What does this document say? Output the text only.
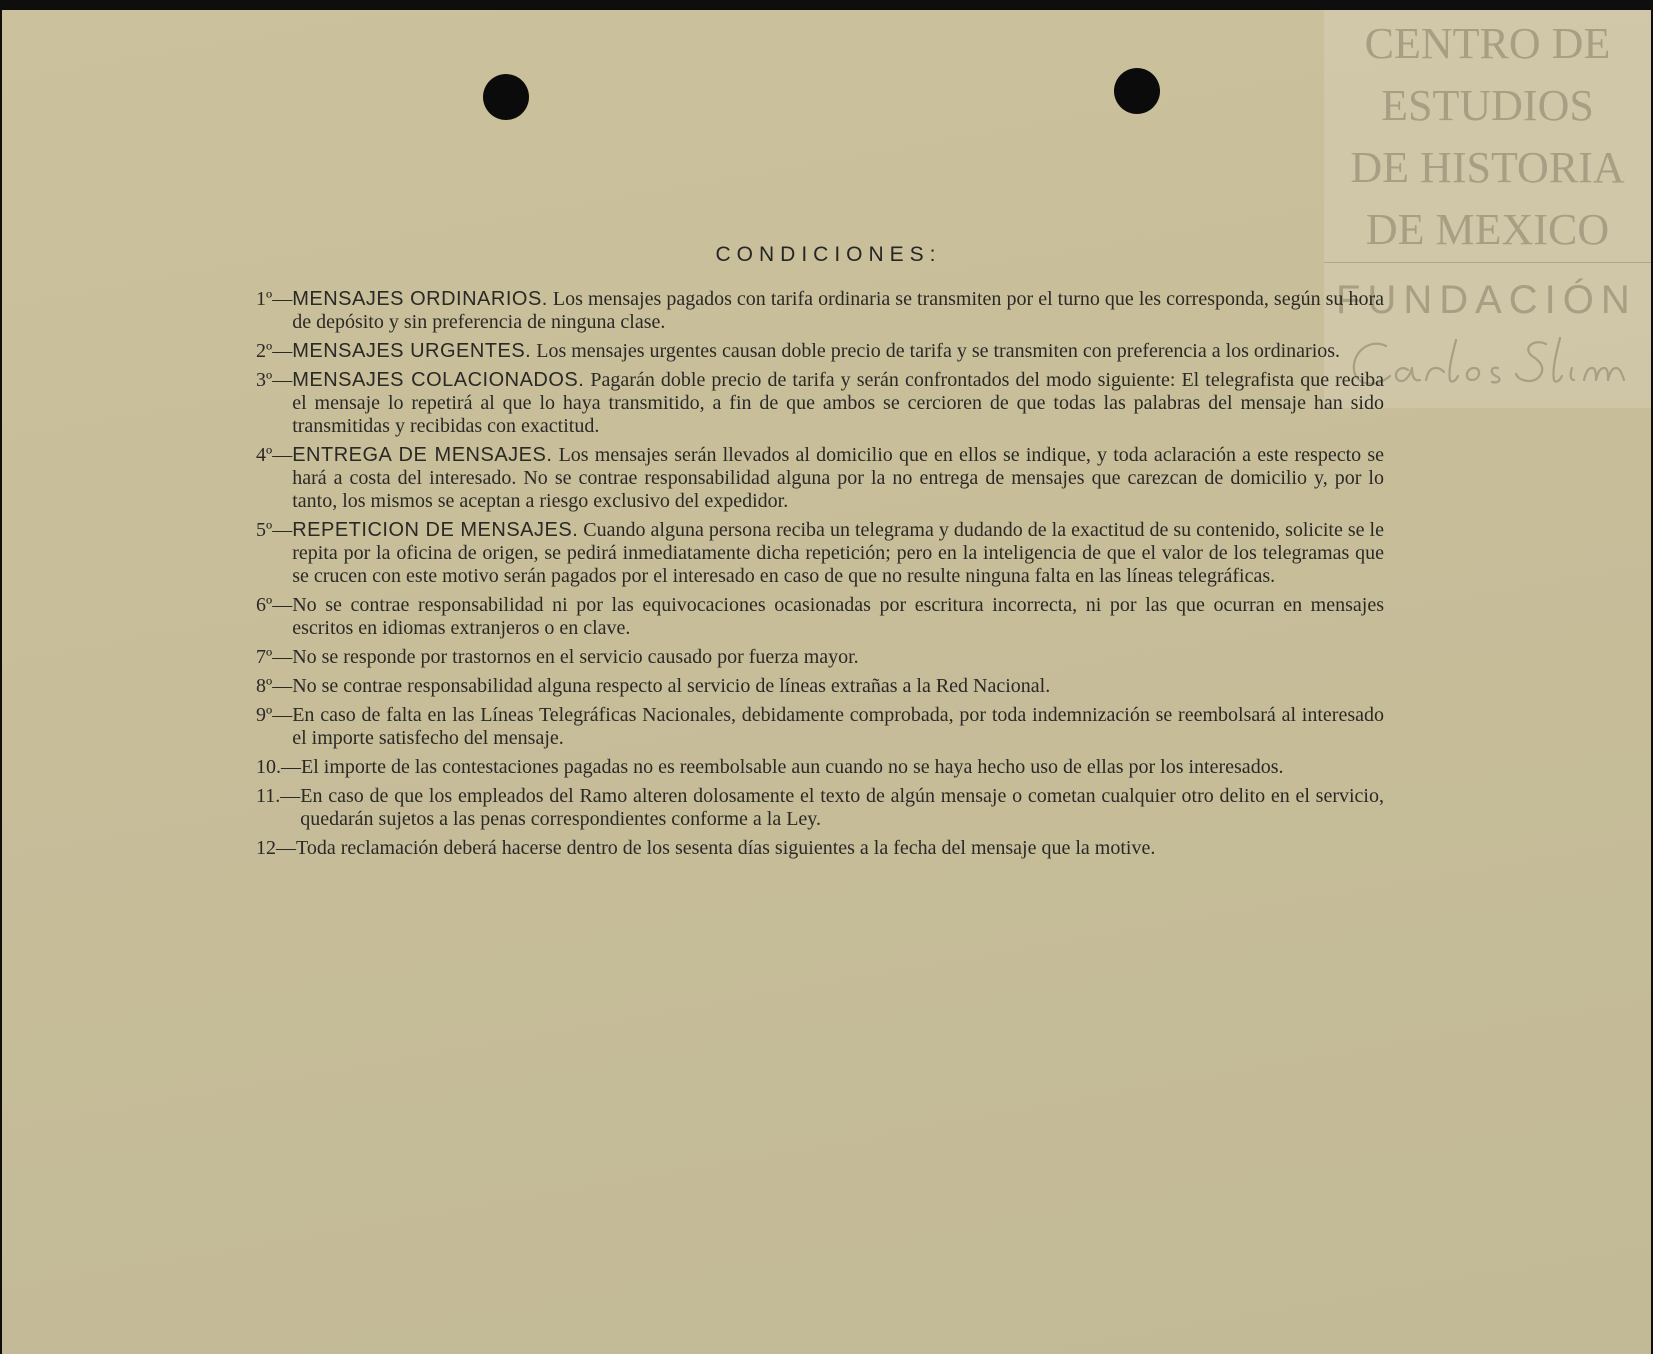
CENTRO DE
ESTUDIOS
DE HISTORIA
DE MEXICO
FUNDACIÓN
CONDICIONES:
1º— MENSAJES ORDINARIOS. Los mensajes pagados con tarifa ordinaria se transmiten por el turno que les corresponda, según su hora de depósito y sin preferencia de ninguna clase.
2º— MENSAJES URGENTES. Los mensajes urgentes causan doble precio de tarifa y se transmiten con preferencia a los ordinarios.
3º— MENSAJES COLACIONADOS. Pagarán doble precio de tarifa y serán confrontados del modo siguiente: El telegrafista que reciba el mensaje lo repetirá al que lo haya transmitido, a fin de que ambos se cercioren de que todas las palabras del mensaje han sido transmitidas y recibidas con exactitud.
4º— ENTREGA DE MENSAJES. Los mensajes serán llevados al domicilio que en ellos se indique, y toda aclaración a este respecto se hará a costa del interesado. No se contrae responsabilidad alguna por la no entrega de mensajes que carezcan de domicilio y, por lo tanto, los mismos se aceptan a riesgo exclusivo del expedidor.
5º— REPETICION DE MENSAJES. Cuando alguna persona reciba un telegrama y dudando de la exactitud de su contenido, solicite se le repita por la oficina de origen, se pedirá inmediatamente dicha repetición; pero en la inteligencia de que el valor de los telegramas que se crucen con este motivo serán pagados por el interesado en caso de que no resulte ninguna falta en las líneas telegráficas.
6º— No se contrae responsabilidad ni por las equivocaciones ocasionadas por escritura incorrecta, ni por las que ocurran en mensajes escritos en idiomas extranjeros o en clave.
7º— No se responde por trastornos en el servicio causado por fuerza mayor.
8º— No se contrae responsabilidad alguna respecto al servicio de líneas extrañas a la Red Nacional.
9º— En caso de falta en las Líneas Telegráficas Nacionales, debidamente comprobada, por toda indemnización se reembolsará al interesado el importe satisfecho del mensaje.
10.— El importe de las contestaciones pagadas no es reembolsable aun cuando no se haya hecho uso de ellas por los interesados.
11.— En caso de que los empleados del Ramo alteren dolosamente el texto de algún mensaje o cometan cualquier otro delito en el servicio, quedarán sujetos a las penas correspondientes conforme a la Ley.
12— Toda reclamación deberá hacerse dentro de los sesenta días siguientes a la fecha del mensaje que la motive.
